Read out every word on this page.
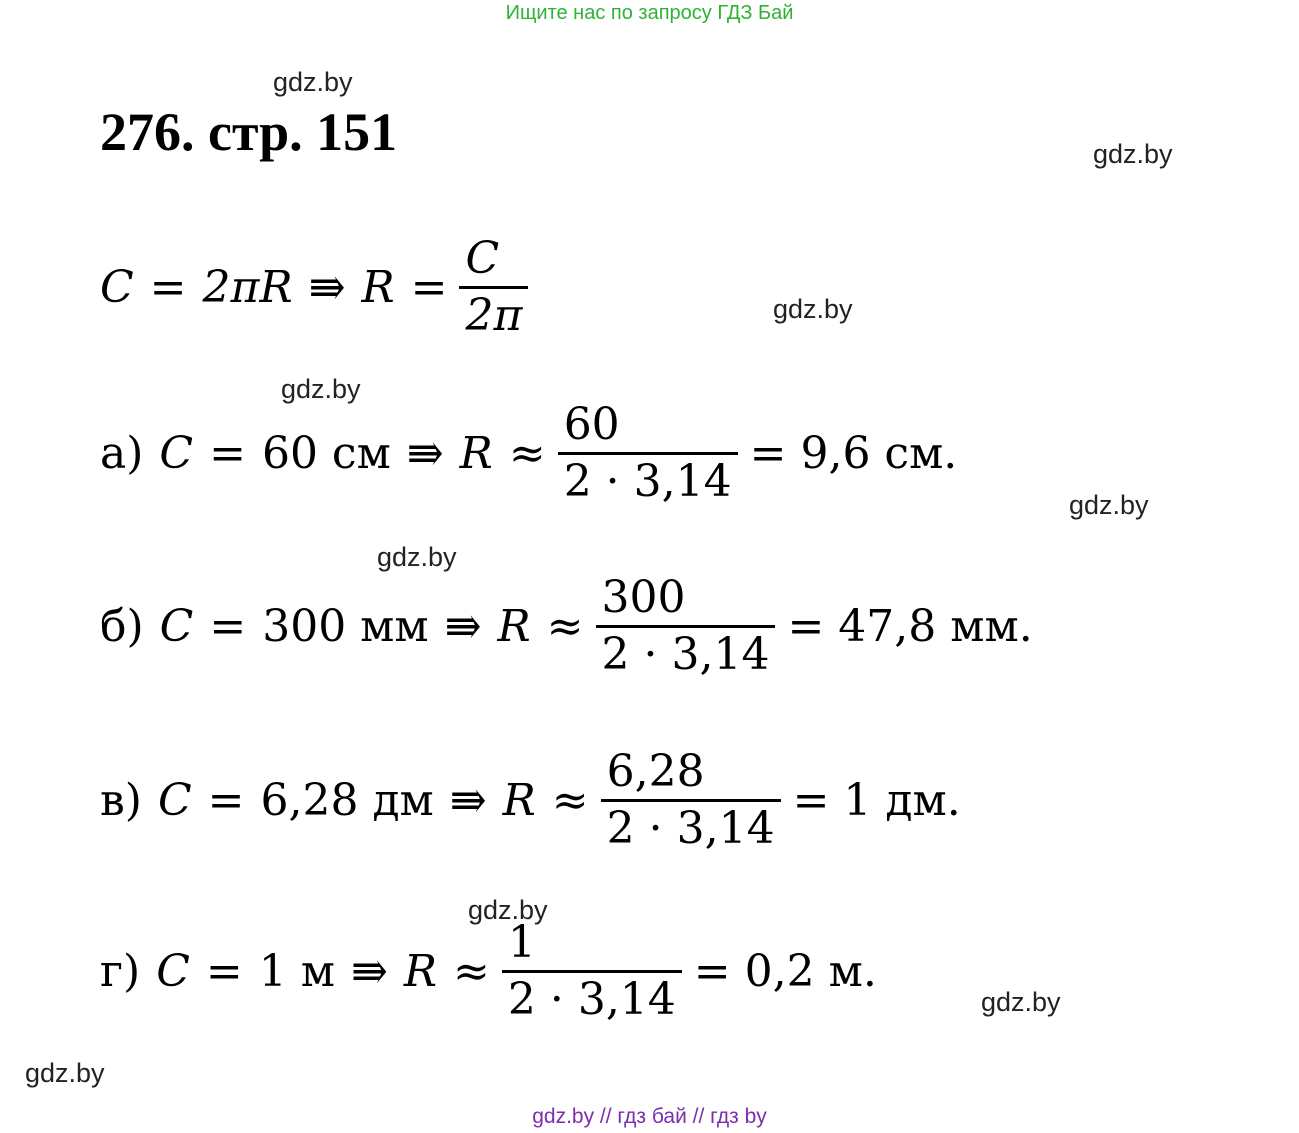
Ищите нас по запросу ГДЗ Бай
gdz.by
gdz.by
gdz.by
gdz.by
gdz.by
gdz.by
gdz.by
gdz.by
gdz.by
276. стр. 151
C = 2πR ⇛ $R = \frac{C}{2\pi}$
а) C = 60 см ⇛ $R \approx \frac{60}{2 \cdot 3,14} = 9,6$ см.
б) C = 300 мм ⇛ $R \approx \frac{300}{2 \cdot 3,14} = 47,8$ мм.
в) C = 6,28 дм ⇛ $R \approx \frac{6,28}{2 \cdot 3,14} = 1$ дм.
г) C = 1 м ⇛ $R \approx \frac{1}{2 \cdot 3,14} = 0,2$ м.
gdz.by // гдз бай // гдз by
